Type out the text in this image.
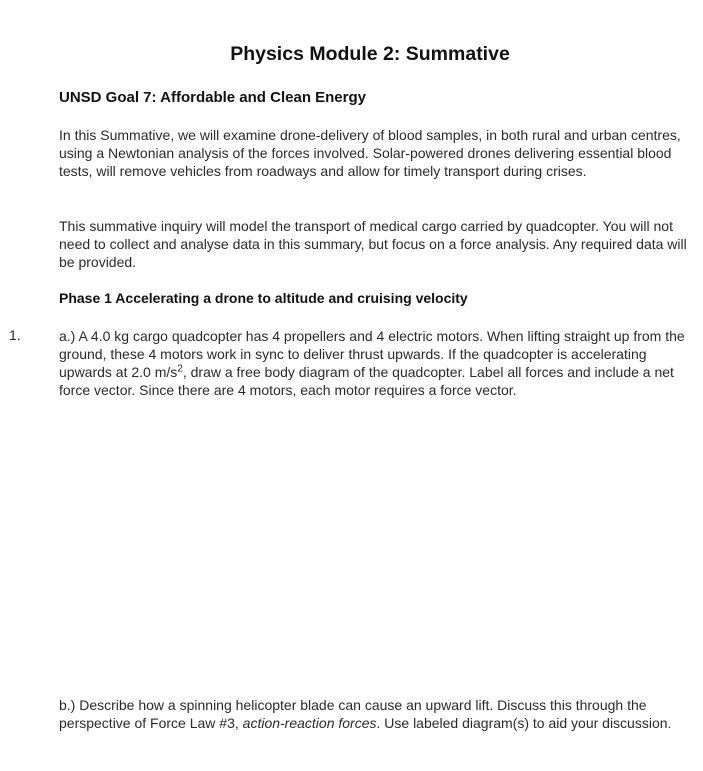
Physics Module 2: Summative
UNSD Goal 7: Affordable and Clean Energy
In this Summative, we will examine drone-delivery of blood samples, in both rural and urban centres, using a Newtonian analysis of the forces involved. Solar-powered drones delivering essential blood tests, will remove vehicles from roadways and allow for timely transport during crises.
This summative inquiry will model the transport of medical cargo carried by quadcopter. You will not need to collect and analyse data in this summary, but focus on a force analysis. Any required data will be provided.
Phase 1 Accelerating a drone to altitude and cruising velocity
1.	a.) A 4.0 kg cargo quadcopter has 4 propellers and 4 electric motors. When lifting straight up from the ground, these 4 motors work in sync to deliver thrust upwards. If the quadcopter is accelerating upwards at 2.0 $m/s^2$, draw a free body diagram of the quadcopter. Label all forces and include a net force vector. Since there are 4 motors, each motor requires a force vector.
b.) Describe how a spinning helicopter blade can cause an upward lift. Discuss this through the perspective of Force Law #3, action-reaction forces. Use labeled diagram(s) to aid your discussion.
